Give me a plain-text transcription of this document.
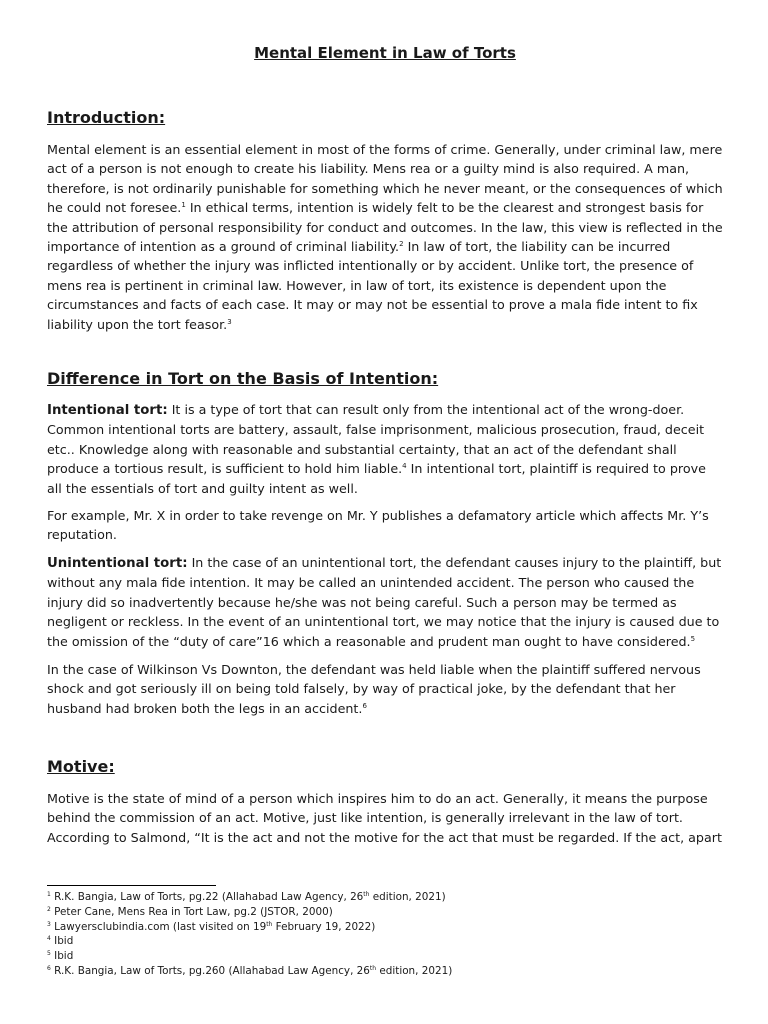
Mental Element in Law of Torts
Introduction:

Mental element is an essential element in most of the forms of crime. Generally, under criminal law, mere act of a person is not enough to create his liability. Mens rea or a guilty mind is also required. A man, therefore, is not ordinarily punishable for something which he never meant, or the consequences of which he could not foresee.$^1$ In ethical terms, intention is widely felt to be the clearest and strongest basis for the attribution of personal responsibility for conduct and outcomes. In the law, this view is reflected in the importance of intention as a ground of criminal liability.$^2$ In law of tort, the liability can be incurred regardless of whether the injury was inflicted intentionally or by accident. Unlike tort, the presence of mens rea is pertinent in criminal law. However, in law of tort, its existence is dependent upon the circumstances and facts of each case. It may or may not be essential to prove a mala fide intent to fix liability upon the tort feasor.$^3$

Difference in Tort on the Basis of Intention:

Intentional tort: It is a type of tort that can result only from the intentional act of the wrong-doer. Common intentional torts are battery, assault, false imprisonment, malicious prosecution, fraud, deceit etc.. Knowledge along with reasonable and substantial certainty, that an act of the defendant shall produce a tortious result, is sufficient to hold him liable.$^4$ In intentional tort, plaintiff is required to prove all the essentials of tort and guilty intent as well.

For example, Mr. X in order to take revenge on Mr. Y publishes a defamatory article which affects Mr. Y’s reputation.

Unintentional tort: In the case of an unintentional tort, the defendant causes injury to the plaintiff, but without any mala fide intention. It may be called an unintended accident. The person who caused the injury did so inadvertently because he/she was not being careful. Such a person may be termed as negligent or reckless. In the event of an unintentional tort, we may notice that the injury is caused due to the omission of the “duty of care”16 which a reasonable and prudent man ought to have considered.$^5$

In the case of Wilkinson Vs Downton, the defendant was held liable when the plaintiff suffered nervous shock and got seriously ill on being told falsely, by way of practical joke, by the defendant that her husband had broken both the legs in an accident.$^6$

Motive:

Motive is the state of mind of a person which inspires him to do an act. Generally, it means the purpose behind the commission of an act. Motive, just like intention, is generally irrelevant in the law of tort. According to Salmond, “It is the act and not the motive for the act that must be regarded. If the act, apart

$^1$ R.K. Bangia, Law of Torts, pg.22 (Allahabad Law Agency, 26th edition, 2021)
$^2$ Peter Cane, Mens Rea in Tort Law, pg.2 (JSTOR, 2000)
$^3$ Lawyersclubindia.com (last visited on 19th February 19, 2022)
$^4$ Ibid
$^5$ Ibid
$^6$ R.K. Bangia, Law of Torts, pg.260 (Allahabad Law Agency, 26th edition, 2021)
